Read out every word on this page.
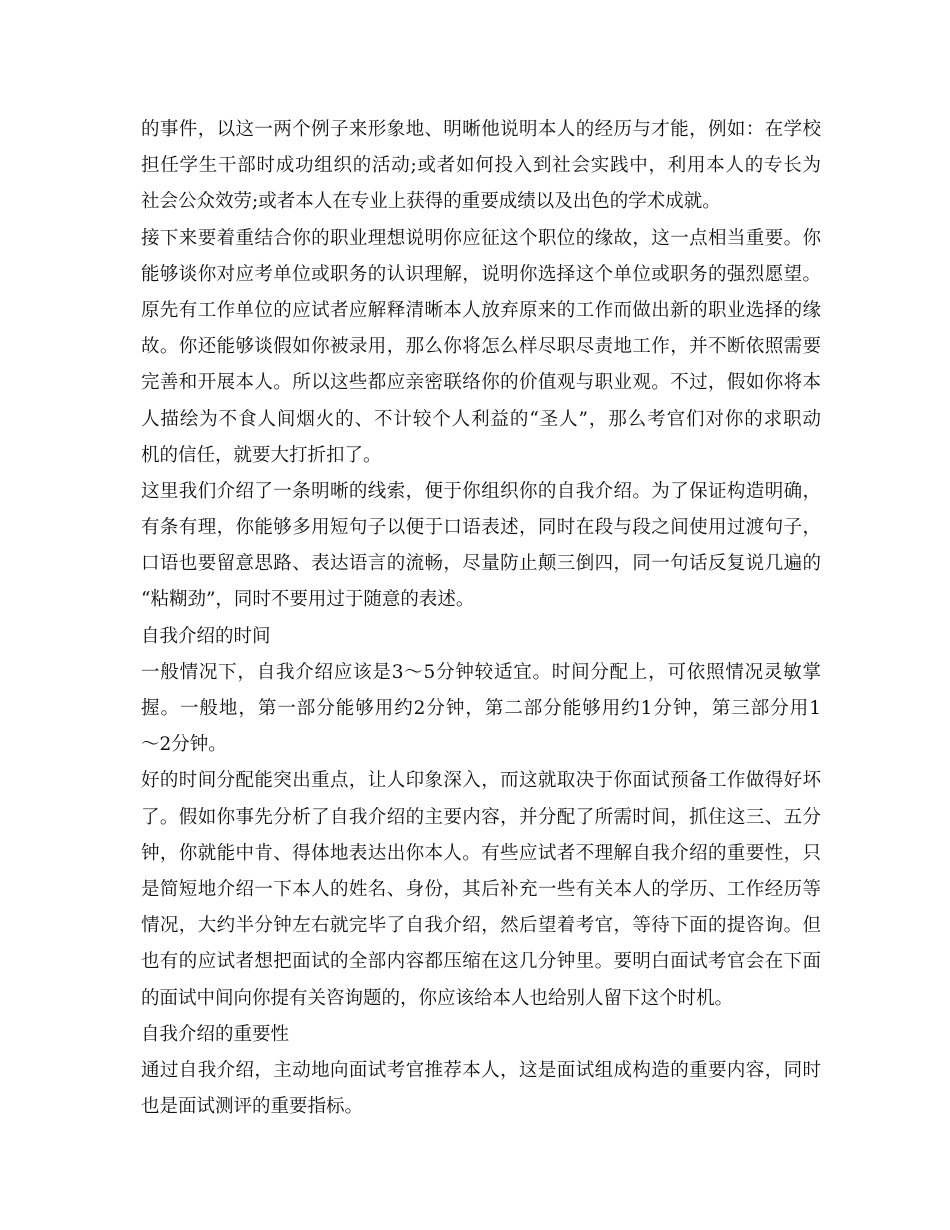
的事件，以这一两个例子来形象地、明晰他说明本人的经历与才能，例如：在学校
担任学生干部时成功组织的活动;或者如何投入到社会实践中，利用本人的专长为
社会公众效劳;或者本人在专业上获得的重要成绩以及出色的学术成就。
接下来要着重结合你的职业理想说明你应征这个职位的缘故，这一点相当重要。你
能够谈你对应考单位或职务的认识理解，说明你选择这个单位或职务的强烈愿望。
原先有工作单位的应试者应解释清晰本人放弃原来的工作而做出新的职业选择的缘
故。你还能够谈假如你被录用，那么你将怎么样尽职尽责地工作，并不断依照需要
完善和开展本人。所以这些都应亲密联络你的价值观与职业观。不过，假如你将本
人描绘为不食人间烟火的、不计较个人利益的“圣人”，那么考官们对你的求职动
机的信任，就要大打折扣了。
这里我们介绍了一条明晰的线索，便于你组织你的自我介绍。为了保证构造明确，
有条有理，你能够多用短句子以便于口语表述，同时在段与段之间使用过渡句子，
口语也要留意思路、表达语言的流畅，尽量防止颠三倒四，同一句话反复说几遍的
“粘糊劲”，同时不要用过于随意的表述。
自我介绍的时间
一般情况下，自我介绍应该是3～5分钟较适宜。时间分配上，可依照情况灵敏掌
握。一般地，第一部分能够用约2分钟，第二部分能够用约1分钟，第三部分用1
～2分钟。
好的时间分配能突出重点，让人印象深入，而这就取决于你面试预备工作做得好坏
了。假如你事先分析了自我介绍的主要内容，并分配了所需时间，抓住这三、五分
钟，你就能中肯、得体地表达出你本人。有些应试者不理解自我介绍的重要性，只
是简短地介绍一下本人的姓名、身份，其后补充一些有关本人的学历、工作经历等
情况，大约半分钟左右就完毕了自我介绍，然后望着考官，等待下面的提咨询。但
也有的应试者想把面试的全部内容都压缩在这几分钟里。要明白面试考官会在下面
的面试中间向你提有关咨询题的，你应该给本人也给别人留下这个时机。
自我介绍的重要性
通过自我介绍，主动地向面试考官推荐本人，这是面试组成构造的重要内容，同时
也是面试测评的重要指标。
